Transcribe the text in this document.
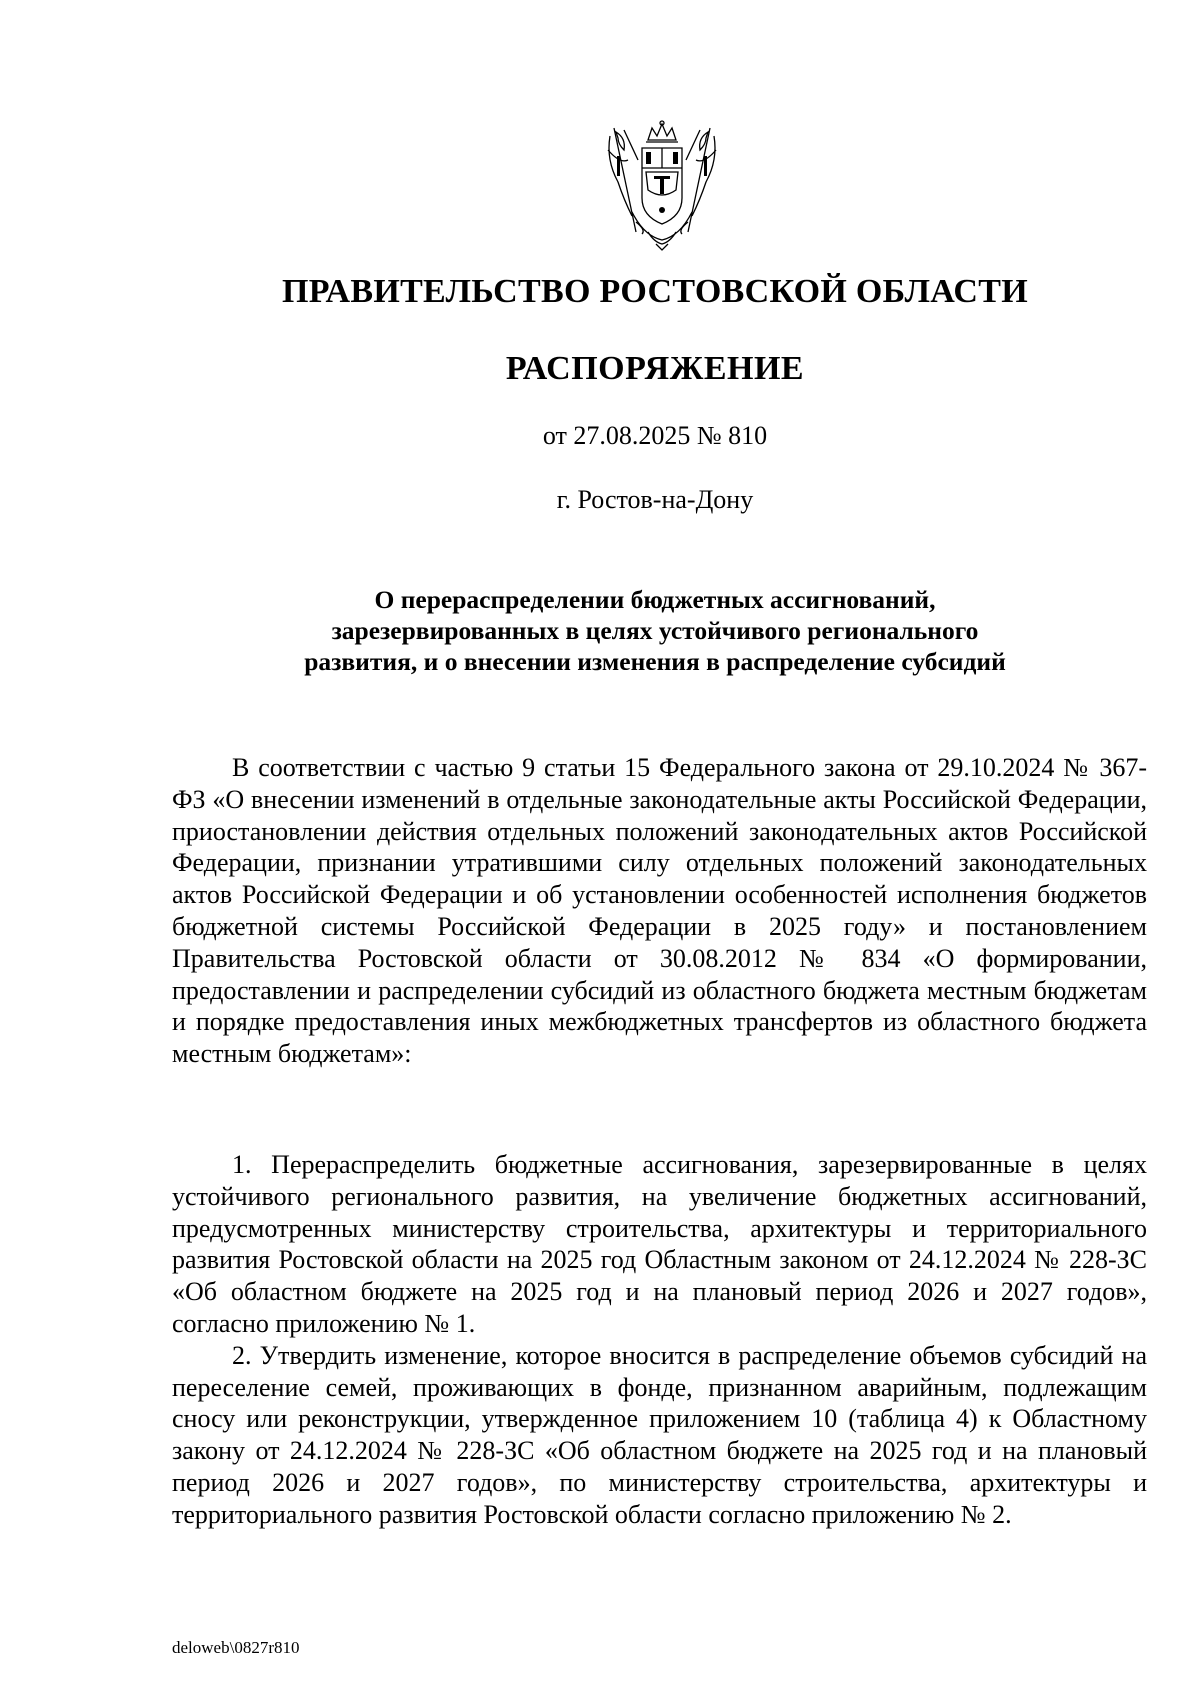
ПРАВИТЕЛЬСТВО РОСТОВСКОЙ ОБЛАСТИ
РАСПОРЯЖЕНИЕ
от 27.08.2025 № 810
г. Ростов-на-Дону
О перераспределении бюджетных ассигнований,
зарезервированных в целях устойчивого регионального
развития, и о внесении изменения в распределение субсидий

В соответствии с частью 9 статьи 15 Федерального закона от 29.10.2024 № 367-ФЗ «О внесении изменений в отдельные законодательные акты Российской Федерации, приостановлении действия отдельных положений законодательных актов Российской Федерации, признании утратившими силу отдельных положений законодательных актов Российской Федерации и об установлении особенностей исполнения бюджетов бюджетной системы Российской Федерации в 2025 году» и постановлением Правительства Ростовской области от 30.08.2012 № 834 «О формировании, предоставлении и распределении субсидий из областного бюджета местным бюджетам и порядке предоставления иных межбюджетных трансфертов из областного бюджета местным бюджетам»:

1. Перераспределить бюджетные ассигнования, зарезервированные в целях устойчивого регионального развития, на увеличение бюджетных ассигнований, предусмотренных министерству строительства, архитектуры и территориального развития Ростовской области на 2025 год Областным законом от 24.12.2024 № 228-ЗС «Об областном бюджете на 2025 год и на плановый период 2026 и 2027 годов», согласно приложению № 1.

2. Утвердить изменение, которое вносится в распределение объемов субсидий на переселение семей, проживающих в фонде, признанном аварийным, подлежащим сносу или реконструкции, утвержденное приложением 10 (таблица 4) к Областному закону от 24.12.2024 № 228-ЗС «Об областном бюджете на 2025 год и на плановый период 2026 и 2027 годов», по министерству строительства, архитектуры и территориального развития Ростовской области согласно приложению № 2.

deloweb\0827r810
